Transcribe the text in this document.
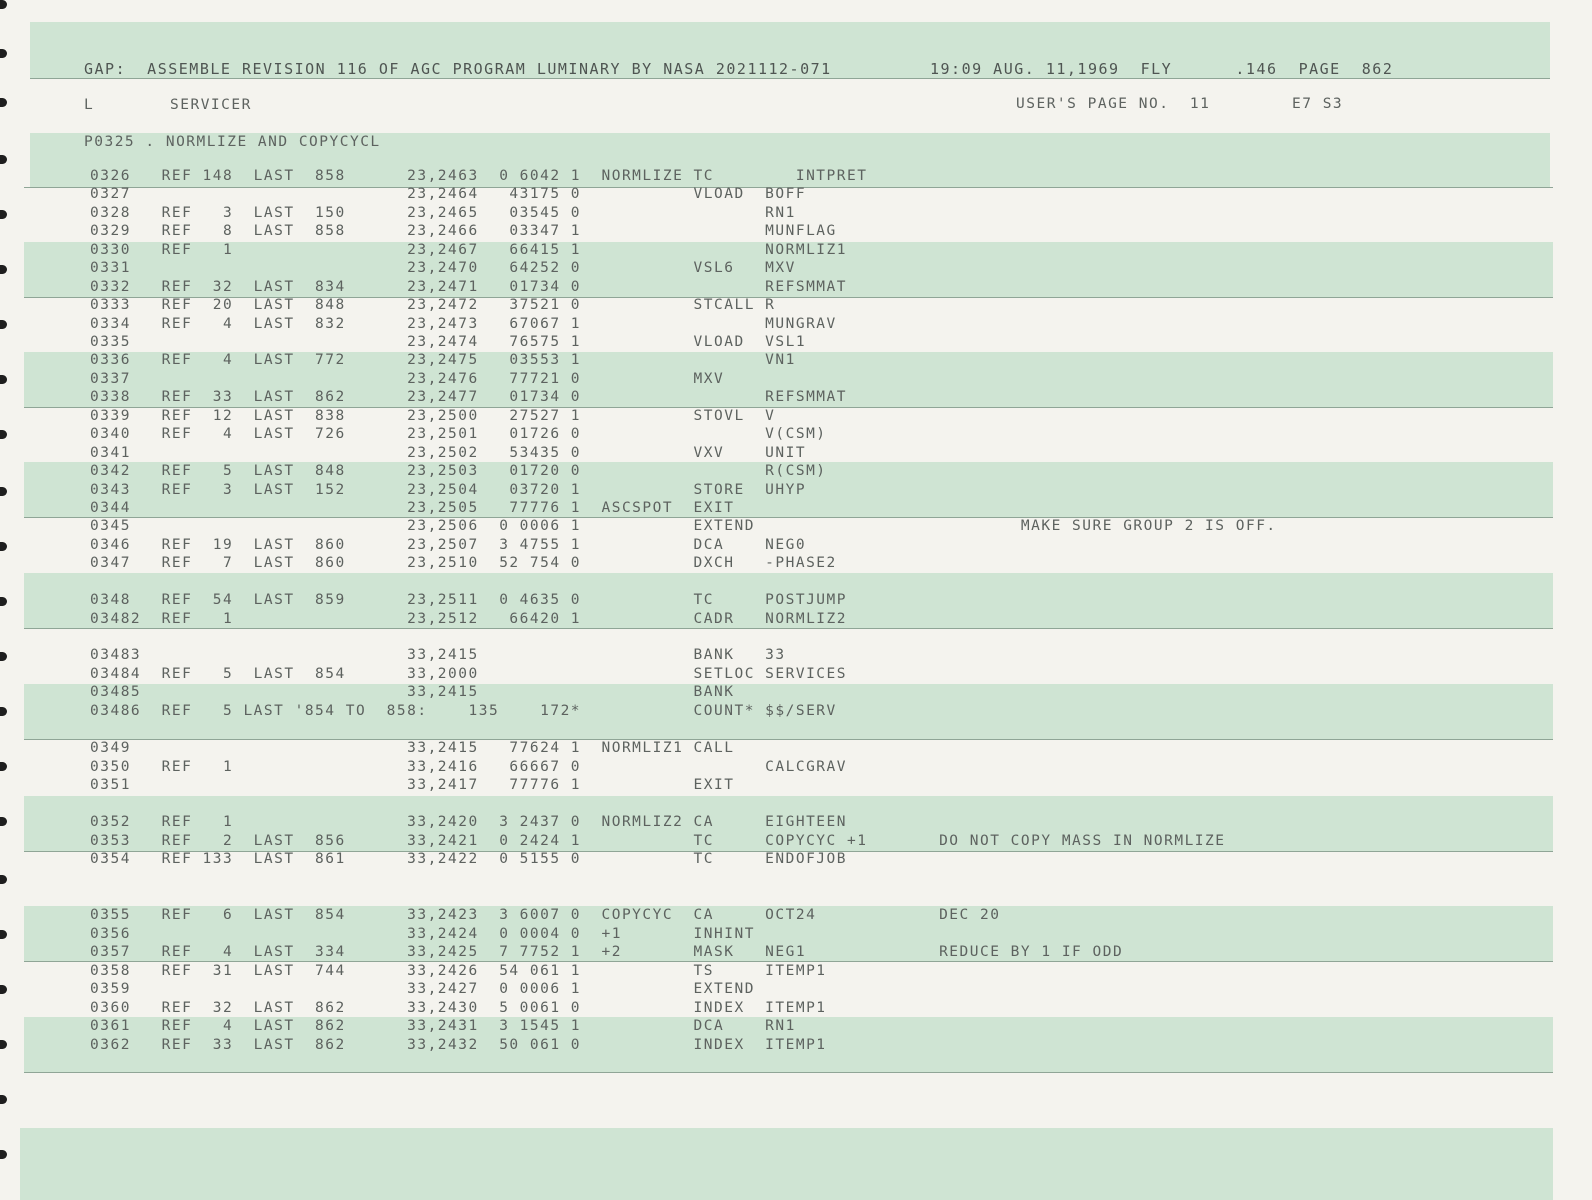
GAP:  ASSEMBLE REVISION 116 OF AGC PROGRAM LUMINARY BY NASA 2021112-071	19:09 AUG. 11,1969  FLY      .146  PAGE  862
L	SERVICER	USER'S PAGE NO.  11	E7 S3
P0325 . NORMLIZE AND COPYCYCL
0326   REF 148  LAST  858      23,2463  0 6042 1  NORMLIZE TC        INTPRET
0327                           23,2464   43175 0           VLOAD  BOFF
0328   REF   3  LAST  150      23,2465   03545 0                  RN1
0329   REF   8  LAST  858      23,2466   03347 1                  MUNFLAG
0330   REF   1                 23,2467   66415 1                  NORMLIZ1
0331                           23,2470   64252 0           VSL6   MXV
0332   REF  32  LAST  834      23,2471   01734 0                  REFSMMAT
0333   REF  20  LAST  848      23,2472   37521 0           STCALL R
0334   REF   4  LAST  832      23,2473   67067 1                  MUNGRAV
0335                           23,2474   76575 1           VLOAD  VSL1
0336   REF   4  LAST  772      23,2475   03553 1                  VN1
0337                           23,2476   77721 0           MXV
0338   REF  33  LAST  862      23,2477   01734 0                  REFSMMAT
0339   REF  12  LAST  838      23,2500   27527 1           STOVL  V
0340   REF   4  LAST  726      23,2501   01726 0                  V(CSM)
0341                           23,2502   53435 0           VXV    UNIT
0342   REF   5  LAST  848      23,2503   01720 0                  R(CSM)
0343   REF   3  LAST  152      23,2504   03720 1           STORE  UHYP
0344                           23,2505   77776 1  ASCSPOT  EXIT
0345                           23,2506  0 0006 1           EXTEND                          MAKE SURE GROUP 2 IS OFF.
0346   REF  19  LAST  860      23,2507  3 4755 1           DCA    NEG0
0347   REF   7  LAST  860      23,2510  52 754 0           DXCH   -PHASE2
0348   REF  54  LAST  859      23,2511  0 4635 0           TC     POSTJUMP
03482  REF   1                 23,2512   66420 1           CADR   NORMLIZ2
03483                          33,2415                     BANK   33
03484  REF   5  LAST  854      33,2000                     SETLOC SERVICES
03485                          33,2415                     BANK
03486  REF   5 LAST '854 TO  858:    135    172*           COUNT* $$/SERV
0349                           33,2415   77624 1  NORMLIZ1 CALL
0350   REF   1                 33,2416   66667 0                  CALCGRAV
0351                           33,2417   77776 1           EXIT
0352   REF   1                 33,2420  3 2437 0  NORMLIZ2 CA     EIGHTEEN
0353   REF   2  LAST  856      33,2421  0 2424 1           TC     COPYCYC +1       DO NOT COPY MASS IN NORMLIZE
0354   REF 133  LAST  861      33,2422  0 5155 0           TC     ENDOFJOB
0355   REF   6  LAST  854      33,2423  3 6007 0  COPYCYC  CA     OCT24            DEC 20
0356                           33,2424  0 0004 0  +1       INHINT
0357   REF   4  LAST  334      33,2425  7 7752 1  +2       MASK   NEG1             REDUCE BY 1 IF ODD
0358   REF  31  LAST  744      33,2426  54 061 1           TS     ITEMP1
0359                           33,2427  0 0006 1           EXTEND
0360   REF  32  LAST  862      33,2430  5 0061 0           INDEX  ITEMP1
0361   REF   4  LAST  862      33,2431  3 1545 1           DCA    RN1
0362   REF  33  LAST  862      33,2432  50 061 0           INDEX  ITEMP1
